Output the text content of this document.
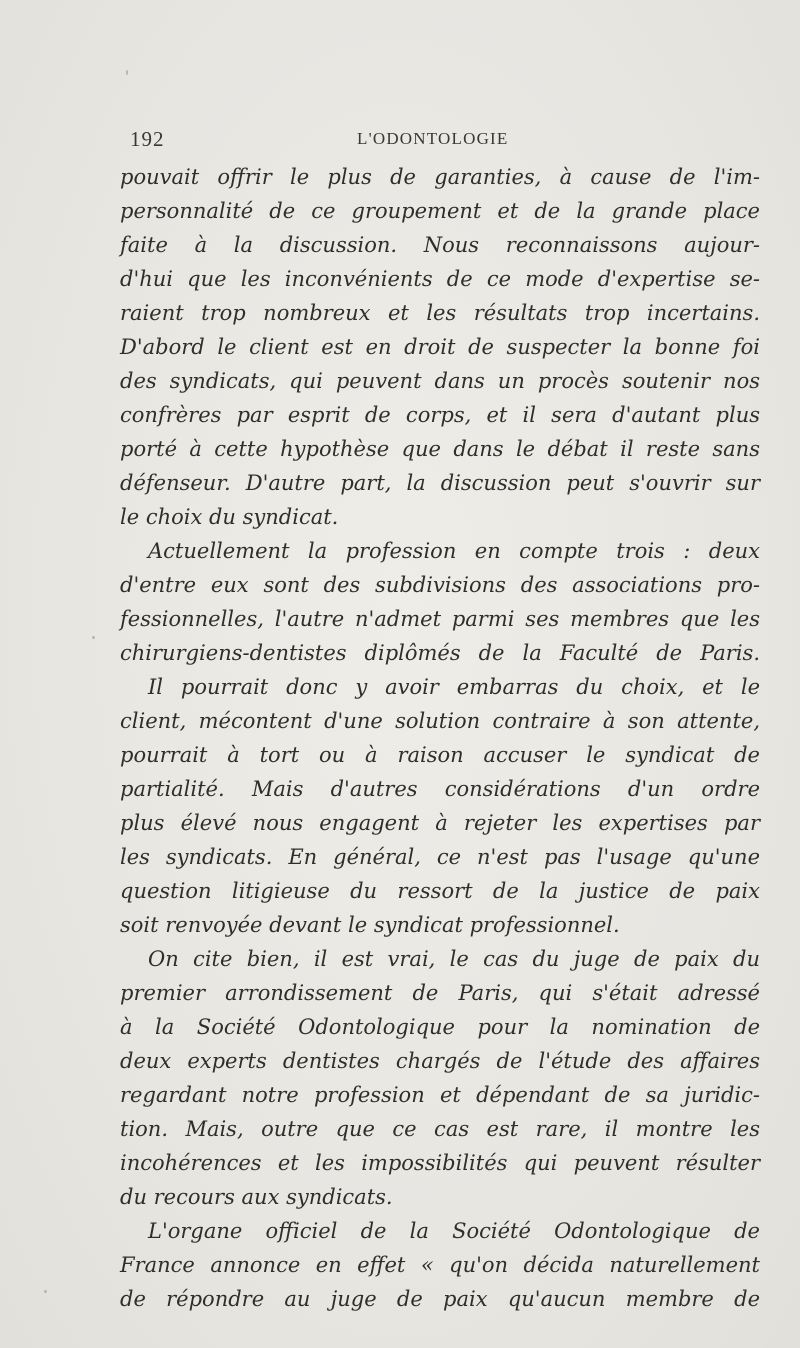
192	L'ODONTOLOGIE
pouvait offrir le plus de garanties, à cause de l'im-
personnalité de ce groupement et de la grande place
faite à la discussion. Nous reconnaissons aujour-
d'hui que les inconvénients de ce mode d'expertise se-
raient trop nombreux et les résultats trop incertains.
D'abord le client est en droit de suspecter la bonne foi
des syndicats, qui peuvent dans un procès soutenir nos
confrères par esprit de corps, et il sera d'autant plus
porté à cette hypothèse que dans le débat il reste sans
défenseur. D'autre part, la discussion peut s'ouvrir sur
le choix du syndicat.
Actuellement la profession en compte trois : deux
d'entre eux sont des subdivisions des associations pro-
fessionnelles, l'autre n'admet parmi ses membres que les
chirurgiens-dentistes diplômés de la Faculté de Paris.
Il pourrait donc y avoir embarras du choix, et le
client, mécontent d'une solution contraire à son attente,
pourrait à tort ou à raison accuser le syndicat de
partialité. Mais d'autres considérations d'un ordre
plus élevé nous engagent à rejeter les expertises par
les syndicats. En général, ce n'est pas l'usage qu'une
question litigieuse du ressort de la justice de paix
soit renvoyée devant le syndicat professionnel.
On cite bien, il est vrai, le cas du juge de paix du
premier arrondissement de Paris, qui s'était adressé
à la Société Odontologique pour la nomination de
deux experts dentistes chargés de l'étude des affaires
regardant notre profession et dépendant de sa juridic-
tion. Mais, outre que ce cas est rare, il montre les
incohérences et les impossibilités qui peuvent résulter
du recours aux syndicats.
L'organe officiel de la Société Odontologique de
France annonce en effet « qu'on décida naturellement
de répondre au juge de paix qu'aucun membre de
